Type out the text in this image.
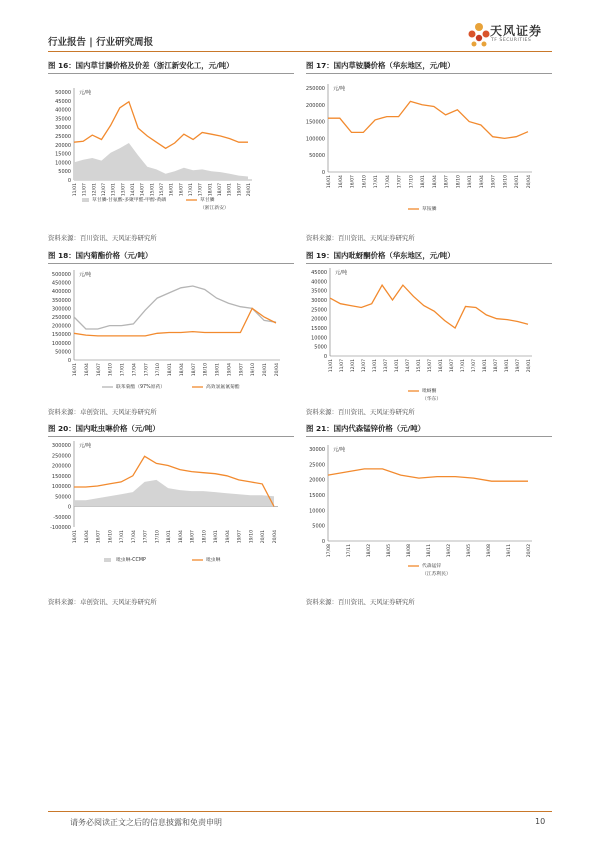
行业报告 | 行业研究周报
天风证券
TF SECURITIES
图 16：国内草甘膦价格及价差（浙江新安化工，元/吨）
0
5000
10000
15000
20000
25000
30000
35000
40000
45000
50000 元/吨
11/01 11/07 12/01 12/07 13/01 13/07 14/01 14/07 15/01 15/07 16/01 16/07 17/01 17/07 18/01 18/07 19/01 19/07 20/01
草甘膦-甘氨酸-多聚甲醛-甲醇-黄磷	草甘膦
（浙江新安）
资料来源：百川资讯、天风证券研究所
图 17：国内草铵膦价格（华东地区，元/吨）
0
50000
100000
150000
200000
250000 元/吨
16/01 16/04 16/07 16/10 17/01 17/04 17/07 17/10 18/01 18/04 18/07 18/10 19/01 19/04 19/07 19/10 20/01 20/04
草铵膦
资料来源：百川资讯、天风证券研究所
图 18：国内菊酯价格（元/吨）
0
50000
100000
150000
200000
250000
300000
350000
400000
450000
500000 元/吨
16/01 16/04 16/07 16/10 17/01 17/04 17/07 17/10 18/01 18/04 18/07 18/10 19/01 19/04 19/07 19/10 20/01 20/04
联苯菊酯（97%原药）	高效氯氟氰菊酯
资料来源：卓创资讯、天风证券研究所
图 19：国内吡蚜酮价格（华东地区，元/吨）
0
5000
10000
15000
20000
25000
30000
35000
40000
45000 元/吨
11/01 11/07 12/01 12/07 13/01 13/07 14/01 14/07 15/01 15/07 16/01 16/07 17/01 17/07 18/01 18/07 19/01 19/07 20/01
吡蚜酮
（华东）
资料来源：百川资讯、天风证券研究所
图 20：国内吡虫啉价格（元/吨）
-100000
-50000
0
50000
100000
150000
200000
250000
300000 元/吨
16/01 16/04 16/07 16/10 17/01 17/04 17/07 17/10 18/01 18/04 18/07 18/10 19/01 19/04 19/07 19/10 20/01 20/04
吡虫啉-CCMP	吡虫啉
资料来源：卓创资讯、天风证券研究所
图 21：国内代森锰锌价格（元/吨）
0
5000
10000
15000
20000
25000
30000 元/吨
17/08	17/11	18/02	18/05	18/08	18/11	19/02	19/05	19/08	19/11	20/02
代森锰锌
（江苏利民）
资料来源：百川资讯、天风证券研究所
请务必阅读正文之后的信息披露和免责申明	10
